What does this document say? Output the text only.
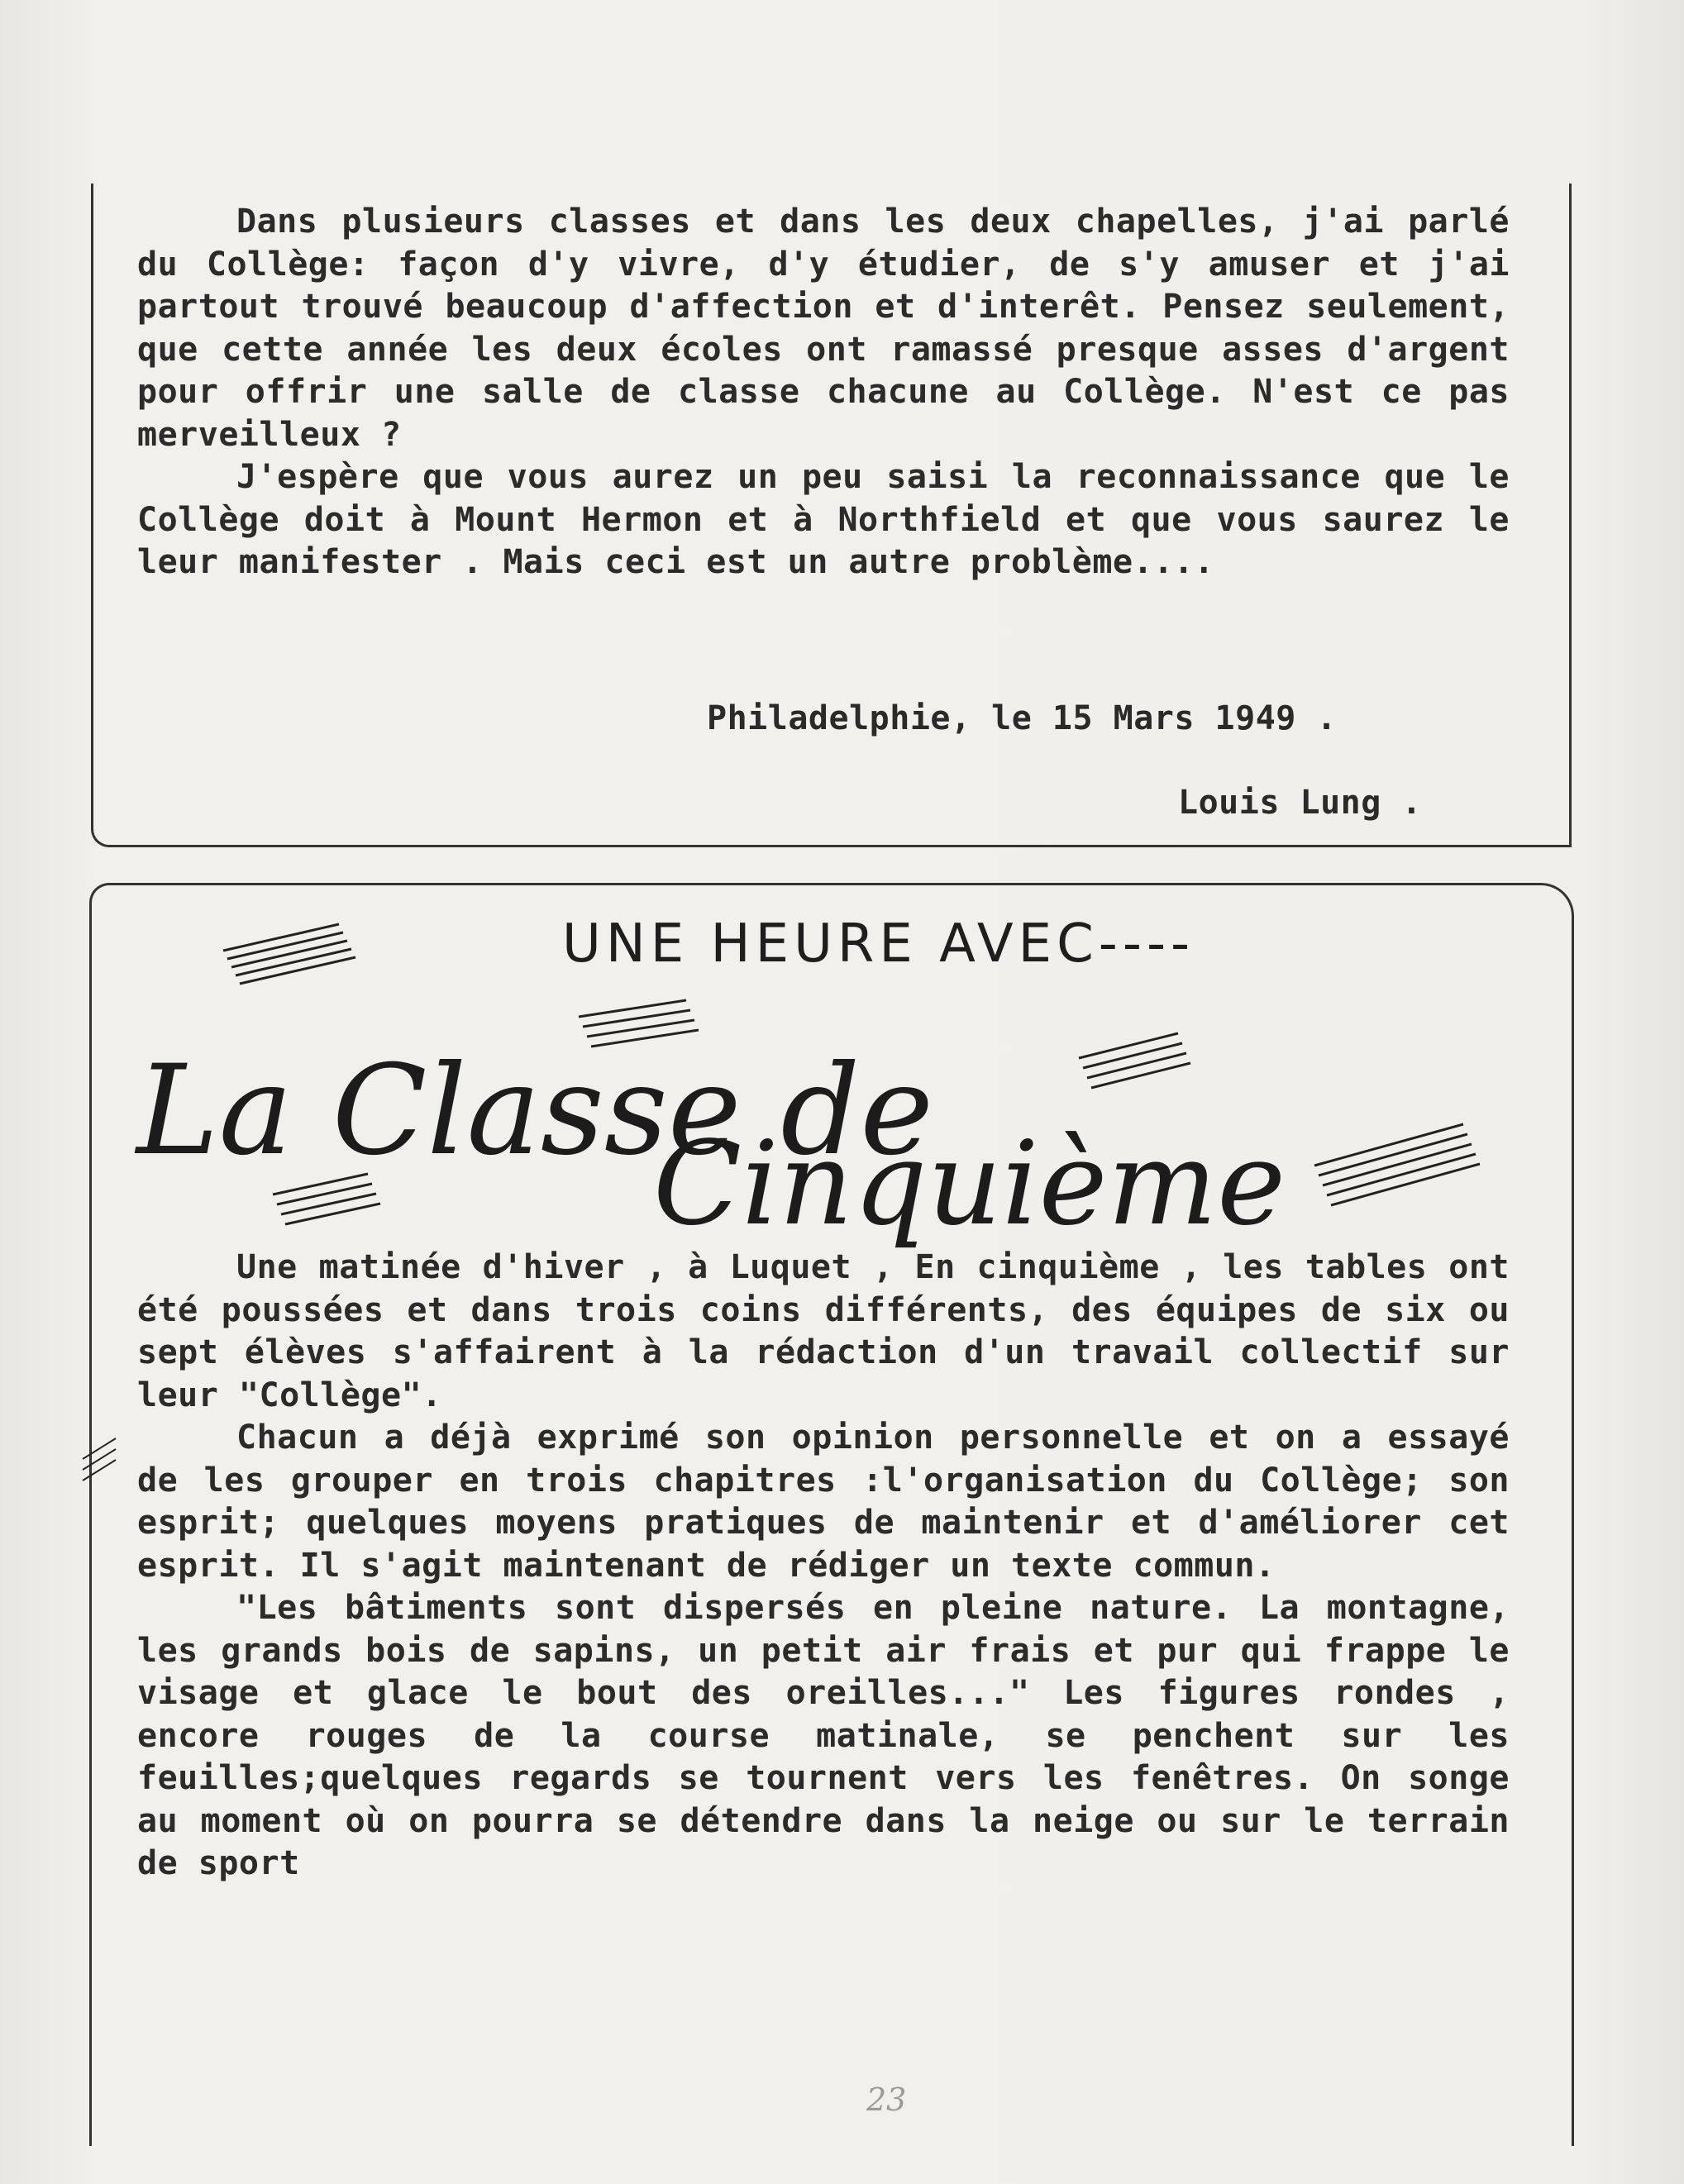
Dans plusieurs classes et dans les deux chapelles, j'ai parlé du Collège: façon d'y vivre, d'y étudier, de s'y amuser et j'ai partout trouvé beaucoup d'affection et d'interêt. Pensez seulement, que cette année les deux écoles ont ramassé presque asses d'argent pour offrir une salle de classe chacune au Collège. N'est ce pas merveilleux ?

J'espère que vous aurez un peu saisi la reconnaissance que le Collège doit à Mount Hermon et à Northfield et que vous saurez le leur manifester . Mais ceci est un autre problème....

Philadelphie, le 15 Mars 1949 .
Louis Lung .
UNE HEURE AVEC----
La Classe de
Cinquième

Une matinée d'hiver , à Luquet , En cinquième , les tables ont été poussées et dans trois coins différents, des équipes de six ou sept élèves s'affairent à la rédaction d'un travail collectif sur leur "Collège".

Chacun a déjà exprimé son opinion personnelle et on a essayé de les grouper en trois chapitres :l'organisation du Collège; son esprit; quelques moyens pratiques de maintenir et d'améliorer cet esprit. Il s'agit maintenant de rédiger un texte commun.

"Les bâtiments sont dispersés en pleine nature. La montagne, les grands bois de sapins, un petit air frais et pur qui frappe le visage et glace le bout des oreilles..." Les figures rondes , encore rouges de la course matinale, se penchent sur les feuilles;quelques regards se tournent vers les fenêtres. On songe au moment où on pourra se détendre dans la neige ou sur le terrain de sport

23
